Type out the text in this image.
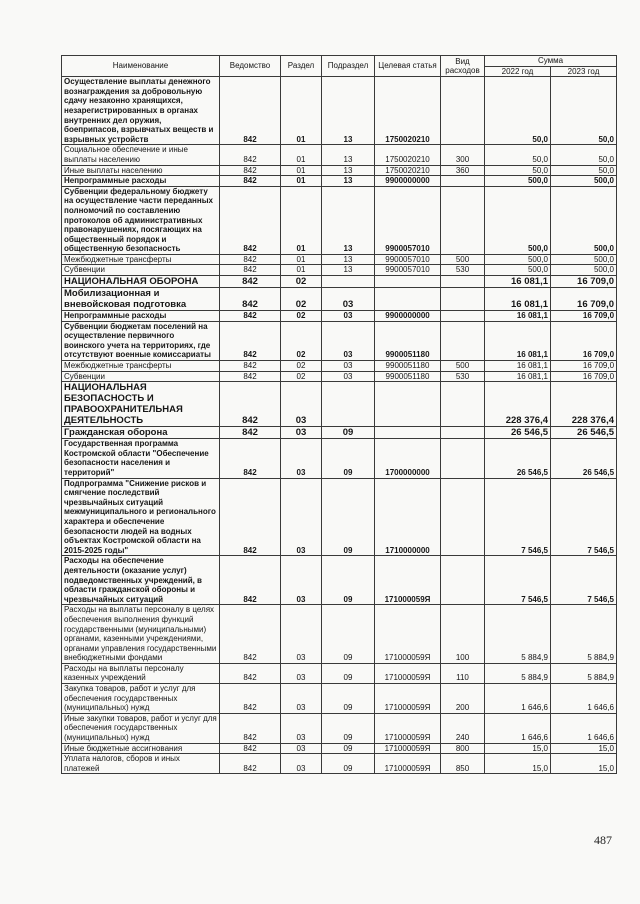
Наименование	Ведомство	Раздел	Подраздел	Целевая статья	Вид расходов	Сумма	
						2022 год	2023 год
Осуществление выплаты денежного вознаграждения за добровольную сдачу незаконно хранящихся, незарегистрированных в органах внутренних дел оружия, боеприпасов, взрывчатых веществ и взрывных устройств	842	01	13	1750020210		50,0	50,0
Социальное обеспечение и иные выплаты населению	842	01	13	1750020210	300	50,0	50,0
Иные выплаты населению	842	01	13	1750020210	360	50,0	50,0
Непрограммные расходы	842	01	13	9900000000		500,0	500,0
Субвенции федеральному бюджету на осуществление части переданных полномочий по составлению протоколов об административных правонарушениях, посягающих на общественный порядок и общественную безопасность	842	01	13	9900057010		500,0	500,0
Межбюджетные трансферты	842	01	13	9900057010	500	500,0	500,0
Субвенции	842	01	13	9900057010	530	500,0	500,0
НАЦИОНАЛЬНАЯ ОБОРОНА	842	02				16 081,1	16 709,0
Мобилизационная и вневойсковая подготовка	842	02	03			16 081,1	16 709,0
Непрограммные расходы	842	02	03	9900000000		16 081,1	16 709,0
Субвенции бюджетам поселений на осуществление первичного воинского учета на территориях, где отсутствуют военные комиссариаты	842	02	03	9900051180		16 081,1	16 709,0
Межбюджетные трансферты	842	02	03	9900051180	500	16 081,1	16 709,0
Субвенции	842	02	03	9900051180	530	16 081,1	16 709,0
НАЦИОНАЛЬНАЯ БЕЗОПАСНОСТЬ И ПРАВООХРАНИТЕЛЬНАЯ ДЕЯТЕЛЬНОСТЬ	842	03				228 376,4	228 376,4
Гражданская оборона	842	03	09			26 546,5	26 546,5
Государственная программа Костромской области "Обеспечение безопасности населения и территорий"	842	03	09	1700000000		26 546,5	26 546,5
Подпрограмма "Снижение рисков и смягчение последствий чрезвычайных ситуаций межмуниципального и регионального характера и обеспечение безопасности людей на водных объектах Костромской области на 2015-2025 годы"	842	03	09	1710000000		7 546,5	7 546,5
Расходы на обеспечение деятельности (оказание услуг) подведомственных учреждений, в области гражданской обороны и чрезвычайных ситуаций	842	03	09	171000059Я		7 546,5	7 546,5
Расходы на выплаты персоналу в целях обеспечения выполнения функций государственными (муниципальными) органами, казенными учреждениями, органами управления государственными внебюджетными фондами	842	03	09	171000059Я	100	5 884,9	5 884,9
Расходы на выплаты персоналу казенных учреждений	842	03	09	171000059Я	110	5 884,9	5 884,9
Закупка товаров, работ и услуг для обеспечения государственных (муниципальных) нужд	842	03	09	171000059Я	200	1 646,6	1 646,6
Иные закупки товаров, работ и услуг для обеспечения государственных (муниципальных) нужд	842	03	09	171000059Я	240	1 646,6	1 646,6
Иные бюджетные ассигнования	842	03	09	171000059Я	800	15,0	15,0
Уплата налогов, сборов и иных платежей	842	03	09	171000059Я	850	15,0	15,0
487
